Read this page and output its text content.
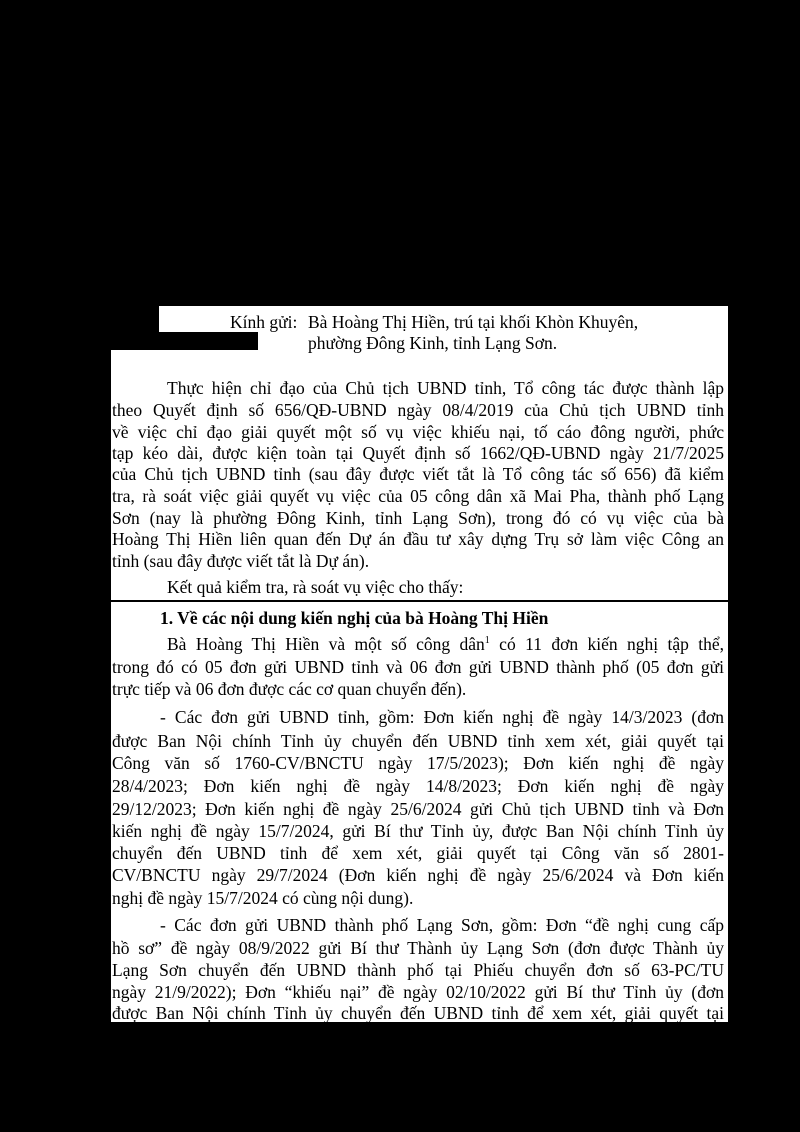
Kính gửi: Bà Hoàng Thị Hiền, trú tại khối Khòn Khuyên,

phường Đông Kinh, tỉnh Lạng Sơn.

Thực hiện chỉ đạo của Chủ tịch UBND tỉnh, Tổ công tác được thành lập

theo Quyết định số 656/QĐ-UBND ngày 08/4/2019 của Chủ tịch UBND tỉnh

về việc chỉ đạo giải quyết một số vụ việc khiếu nại, tố cáo đông người, phức

tạp kéo dài, được kiện toàn tại Quyết định số 1662/QĐ-UBND ngày 21/7/2025

của Chủ tịch UBND tỉnh (sau đây được viết tắt là Tổ công tác số 656) đã kiểm

tra, rà soát việc giải quyết vụ việc của 05 công dân xã Mai Pha, thành phố Lạng

Sơn (nay là phường Đông Kinh, tỉnh Lạng Sơn), trong đó có vụ việc của bà

Hoàng Thị Hiền liên quan đến Dự án đầu tư xây dựng Trụ sở làm việc Công an

tỉnh (sau đây được viết tắt là Dự án).

Kết quả kiểm tra, rà soát vụ việc cho thấy:

1. Về các nội dung kiến nghị của bà Hoàng Thị Hiền

Bà Hoàng Thị Hiền và một số công dân$^1$ có 11 đơn kiến nghị tập thể,

trong đó có 05 đơn gửi UBND tỉnh và 06 đơn gửi UBND thành phố (05 đơn gửi

trực tiếp và 06 đơn được các cơ quan chuyển đến).

- Các đơn gửi UBND tỉnh, gồm: Đơn kiến nghị đề ngày 14/3/2023 (đơn

được Ban Nội chính Tỉnh ủy chuyển đến UBND tỉnh xem xét, giải quyết tại

Công văn số 1760-CV/BNCTU ngày 17/5/2023); Đơn kiến nghị đề ngày

28/4/2023; Đơn kiến nghị đề ngày 14/8/2023; Đơn kiến nghị đề ngày

29/12/2023; Đơn kiến nghị đề ngày 25/6/2024 gửi Chủ tịch UBND tỉnh và Đơn

kiến nghị đề ngày 15/7/2024, gửi Bí thư Tỉnh ủy, được Ban Nội chính Tỉnh ủy

chuyển đến UBND tỉnh để xem xét, giải quyết tại Công văn số 2801-

CV/BNCTU ngày 29/7/2024 (Đơn kiến nghị đề ngày 25/6/2024 và Đơn kiến

nghị đề ngày 15/7/2024 có cùng nội dung).

- Các đơn gửi UBND thành phố Lạng Sơn, gồm: Đơn “đề nghị cung cấp

hồ sơ” đề ngày 08/9/2022 gửi Bí thư Thành ủy Lạng Sơn (đơn được Thành ủy

Lạng Sơn chuyển đến UBND thành phố tại Phiếu chuyển đơn số 63-PC/TU

ngày 21/9/2022); Đơn “khiếu nại” đề ngày 02/10/2022 gửi Bí thư Tỉnh ủy (đơn

được Ban Nội chính Tỉnh ủy chuyển đến UBND tỉnh để xem xét, giải quyết tại
